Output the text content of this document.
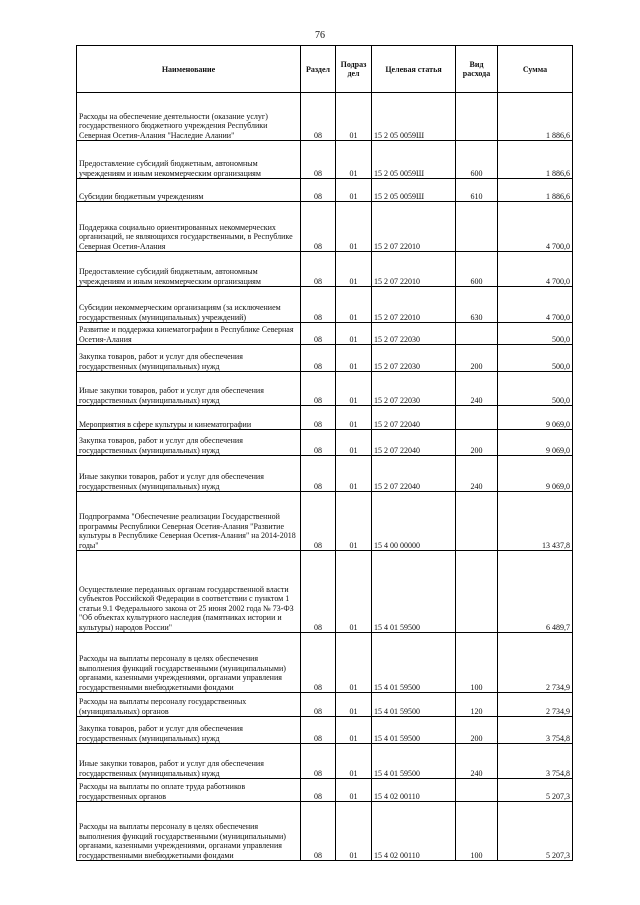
76
Наименование	Раздел	Подраз дел	Целевая статья	Вид расхода	Сумма
Расходы на обеспечение деятельности (оказание услуг) государственного бюджетного учреждения Республики Северная Осетия-Алания "Наследие Алании"	08	01	15 2 05 0059Ш		1 886,6
Предоставление субсидий бюджетным, автономным учреждениям и иным некоммерческим организациям	08	01	15 2 05 0059Ш	600	1 886,6
Субсидии бюджетным учреждениям	08	01	15 2 05 0059Ш	610	1 886,6
Поддержка социально ориентированных некоммерческих организаций, не являющихся государственными, в Республике Северная Осетия-Алания	08	01	15 2 07 22010		4 700,0
Предоставление субсидий бюджетным, автономным учреждениям и иным некоммерческим организациям	08	01	15 2 07 22010	600	4 700,0
Субсидии некоммерческим организациям (за исключением государственных (муниципальных) учреждений)	08	01	15 2 07 22010	630	4 700,0
Развитие и поддержка кинематографии в Республике Северная Осетия-Алания	08	01	15 2 07 22030		500,0
Закупка товаров, работ и услуг для обеспечения государственных (муниципальных) нужд	08	01	15 2 07 22030	200	500,0
Иные закупки товаров, работ и услуг для обеспечения государственных (муниципальных) нужд	08	01	15 2 07 22030	240	500,0
Мероприятия в сфере культуры и кинематографии	08	01	15 2 07 22040		9 069,0
Закупка товаров, работ и услуг для обеспечения государственных (муниципальных) нужд	08	01	15 2 07 22040	200	9 069,0
Иные закупки товаров, работ и услуг для обеспечения государственных (муниципальных) нужд	08	01	15 2 07 22040	240	9 069,0
Подпрограмма "Обеспечение реализации Государственной программы Республики Северная Осетия-Алания "Развитие культуры в Республике Северная Осетия-Алания" на 2014-2018 годы"	08	01	15 4 00 00000		13 437,8
Осуществление переданных органам государственной власти субъектов Российской Федерации в соответствии с пунктом 1 статьи 9.1 Федерального закона от 25 июня 2002 года № 73-ФЗ "Об объектах культурного наследия (памятниках истории и культуры) народов России"	08	01	15 4 01 59500		6 489,7
Расходы на выплаты персоналу в целях обеспечения выполнения функций государственными (муниципальными) органами, казенными учреждениями, органами управления государственными внебюджетными фондами	08	01	15 4 01 59500	100	2 734,9
Расходы на выплаты персоналу государственных (муниципальных) органов	08	01	15 4 01 59500	120	2 734,9
Закупка товаров, работ и услуг для обеспечения государственных (муниципальных) нужд	08	01	15 4 01 59500	200	3 754,8
Иные закупки товаров, работ и услуг для обеспечения государственных (муниципальных) нужд	08	01	15 4 01 59500	240	3 754,8
Расходы на выплаты по оплате труда работников государственных органов	08	01	15 4 02 00110		5 207,3
Расходы на выплаты персоналу в целях обеспечения выполнения функций государственными (муниципальными) органами, казенными учреждениями, органами управления государственными внебюджетными фондами	08	01	15 4 02 00110	100	5 207,3
